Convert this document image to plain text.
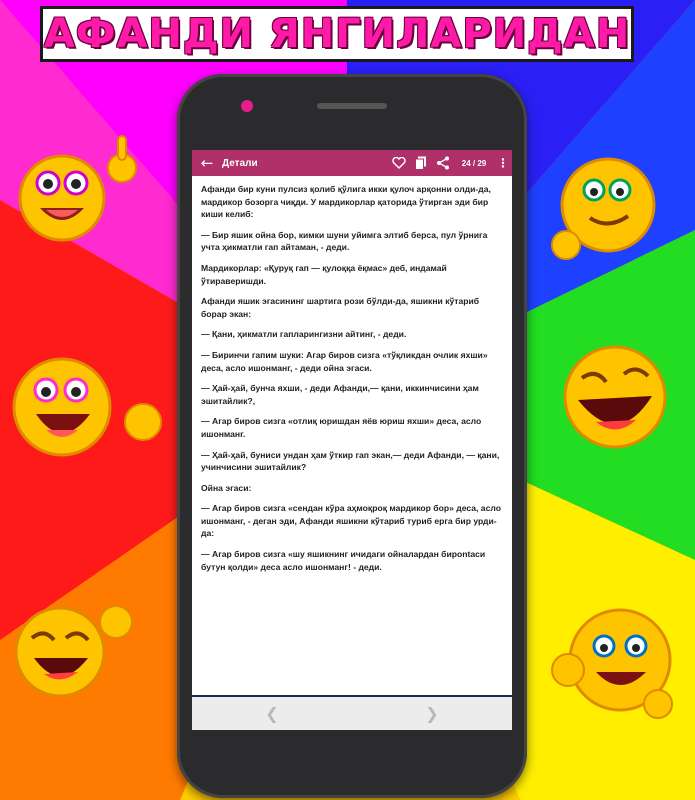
АФАНДИ ЯНГИЛАРИДАН
← Детали	24 / 29 ⋮

Афанди бир куни пулсиз қолиб қўлига икки қулоч арқонни олди-да, мардикор бозорга чиқди. У мардикорлар қаторида ўтирган эди бир киши келиб:

— Бир яшик ойна бор, кимки шуни уйимга элтиб берса, пул ўрнига учта ҳикматли гап айтаман, - деди.

Мардикорлар: «Қуруқ гап — қулоққа ёқмас» деб, индамай ўтираверишди.

Афанди яшик эгасининг шартига рози бўлди-да, яшикни кўтариб борар экан:

— Қани, ҳикматли гапларингизни айтинг, - деди.

— Биринчи гапим шуки: Агар биров сизга «тўқликдан очлик яхши» деса, асло ишонманг, - деди ойна эгаси.

— Ҳай-ҳай, бунча яхши, - деди Афанди,— қани, иккинчисини ҳам эшитайлик?,

— Агар биров сизга «отлиқ юришдан яёв юриш яхши» деса, асло ишонманг.

— Ҳай-ҳай, буниси ундан ҳам ўткир гап экан,— деди Афанди, — қани, учинчисини эшитайлик?

Ойна эгаси:

— Агар биров сизга «сендан кўра аҳмоқроқ мардикор бор» деса, асло ишонманг, - деган эди, Афанди яшикни кўтариб туриб ерга бир урди-да:

— Агар биров сизга «шу яшикнинг ичидаги ойналардан бирontаси бутун қолди» деса асло ишонманг! - деди.

❮	❯
